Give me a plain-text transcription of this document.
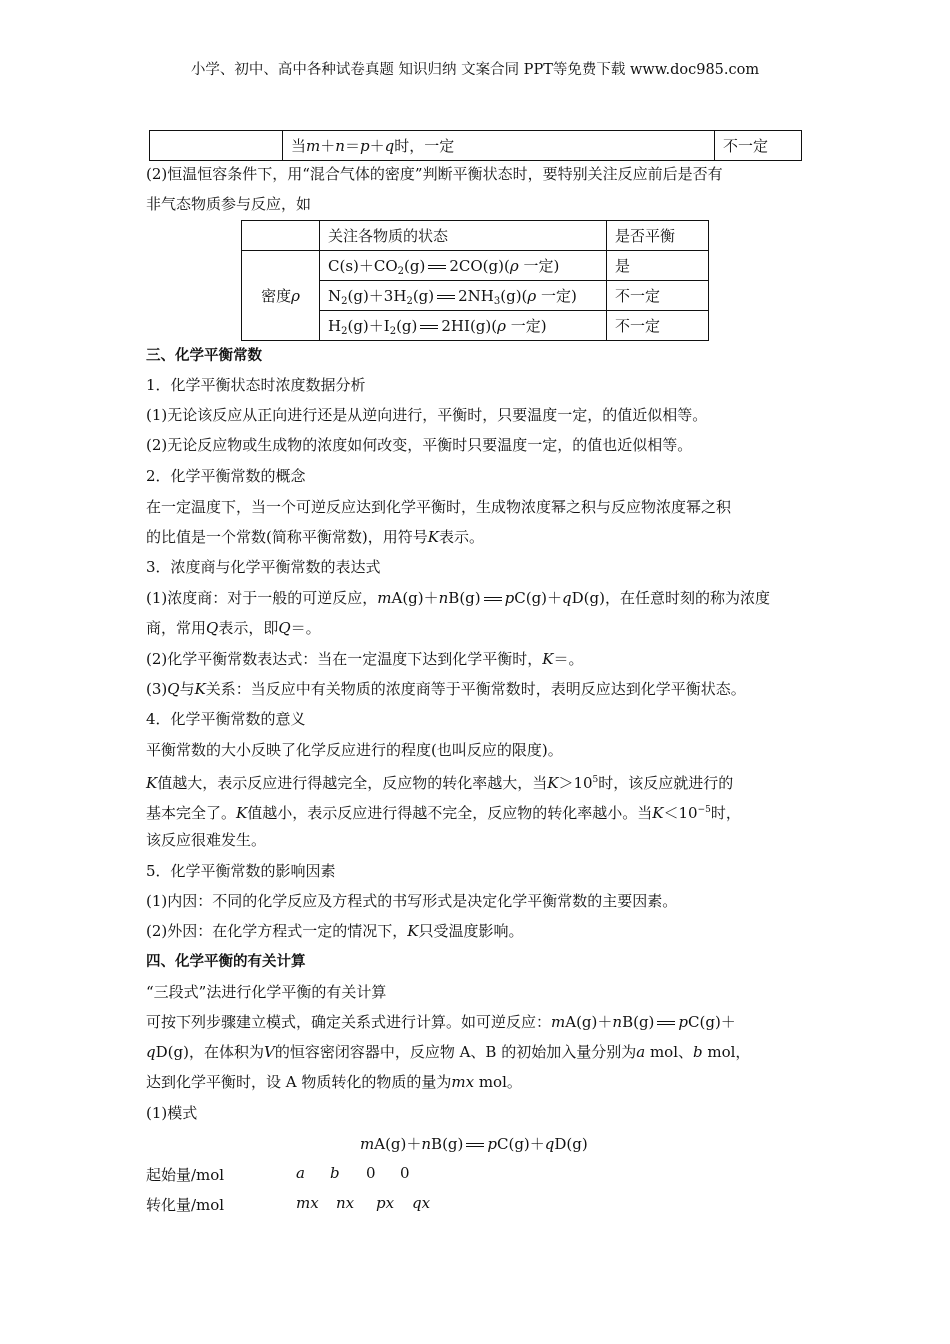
小学、初中、高中各种试卷真题 知识归纳 文案合同 PPT等免费下载 www.doc985.com
	当m＋n＝p＋q时，一定	不一定
(2)恒温恒容条件下，用“混合气体的密度”判断平衡状态时，要特别关注反应前后是否有
非气态物质参与反应，如
	关注各物质的状态	是否平衡
密度ρ	$C(s)+CO_2(g)$ 2CO(g)(ρ 一定)	是
	$N_2(g)+3H_2(g)$ $2NH_3(g)(\rho$ 一定)	不一定
	$H_2(g)+I_2(g)$ 2HI(g)(ρ 一定)	不一定
三、化学平衡常数
1．化学平衡状态时浓度数据分析
(1)无论该反应从正向进行还是从逆向进行，平衡时，只要温度一定，的值近似相等。
(2)无论反应物或生成物的浓度如何改变，平衡时只要温度一定，的值也近似相等。
2．化学平衡常数的概念
在一定温度下，当一个可逆反应达到化学平衡时，生成物浓度幂之积与反应物浓度幂之积
的比值是一个常数(简称平衡常数)，用符号K表示。
3．浓度商与化学平衡常数的表达式
(1)浓度商：对于一般的可逆反应，mA(g)＋nB(g) pC(g)＋qD(g)，在任意时刻的称为浓度
商，常用Q表示，即Q＝。
(2)化学平衡常数表达式：当在一定温度下达到化学平衡时，K＝。
(3)Q与K关系：当反应中有关物质的浓度商等于平衡常数时，表明反应达到化学平衡状态。
4．化学平衡常数的意义
平衡常数的大小反映了化学反应进行的程度(也叫反应的限度)。
K值越大，表示反应进行得越完全，反应物的转化率越大，当$K>10^5$时，该反应就进行的
基本完全了。K值越小，表示反应进行得越不完全，反应物的转化率越小。当$K<10^{-5}$时，
该反应很难发生。
5．化学平衡常数的影响因素
(1)内因：不同的化学反应及方程式的书写形式是决定化学平衡常数的主要因素。
(2)外因：在化学方程式一定的情况下，K只受温度影响。
四、化学平衡的有关计算
“三段式”法进行化学平衡的有关计算
可按下列步骤建立模式，确定关系式进行计算。如可逆反应：mA(g)＋nB(g) pC(g)＋
qD(g)，在体积为V的恒容密闭容器中，反应物 A、B 的初始加入量分别为a mol、b mol，
达到化学平衡时，设 A 物质转化的物质的量为mx mol。
(1)模式
mA(g)＋nB(g) pC(g)＋qD(g)
起始量/mol	a b 0 0
转化量/mol	mx nx px qx
